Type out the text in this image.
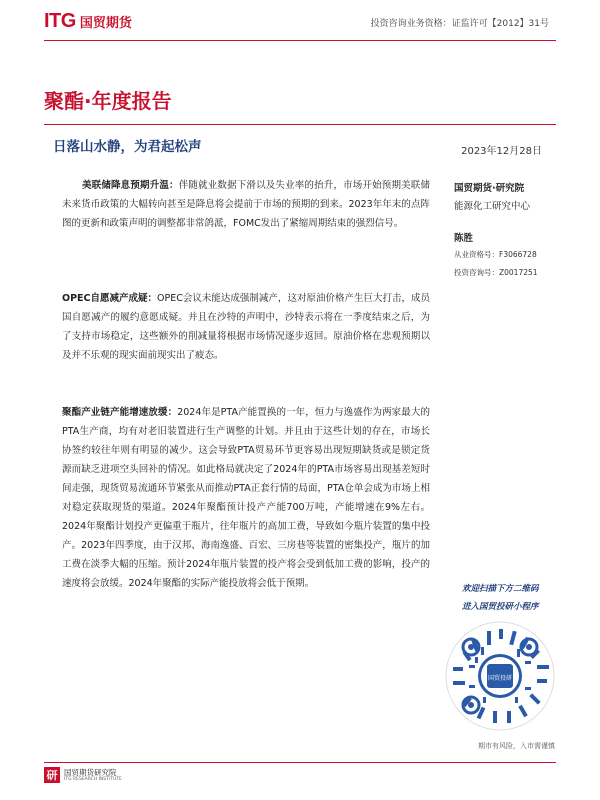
ITG 国贸期货	投资咨询业务资格：证监许可【2012】31号
聚酯·年度报告
日落山水静，为君起松声	2023年12月28日
美联储降息预期升温：伴随就业数据下滑以及失业率的抬升，市场开始预期美联储未来货币政策的大幅转向甚至是降息将会提前于市场的预期的到来。2023年年末的点阵图的更新和政策声明的调整都非常鸽派，FOMC发出了紧缩周期结束的强烈信号。
OPEC自愿减产成疑：OPEC会议未能达成强制减产，这对原油价格产生巨大打击，成员国自愿减产的履约意愿成疑。并且在沙特的声明中，沙特表示将在一季度结束之后，为了支持市场稳定，这些额外的削减量将根据市场情况逐步返回。原油价格在悲观预期以及并不乐观的现实面前现实出了疲态。
聚酯产业链产能增速放缓：2024年是PTA产能置换的一年，恒力与逸盛作为两家最大的PTA生产商，均有对老旧装置进行生产调整的计划。并且由于这些计划的存在，市场长协签约较往年则有明显的减少。这会导致PTA贸易环节更容易出现短期缺货或是锁定货源而缺乏进项空头回补的情况。如此格局就决定了2024年的PTA市场容易出现基差短时间走强，现货贸易流通环节紧张从而推动PTA正套行情的局面，PTA仓单会成为市场上相对稳定获取现货的渠道。2024年聚酯预计投产产能700万吨，产能增速在9%左右。2024年聚酯计划投产更偏重于瓶片，往年瓶片的高加工费，导致如今瓶片装置的集中投产。2023年四季度，由于汉邦、海南逸盛、百宏、三房巷等装置的密集投产，瓶片的加工费在淡季大幅的压缩。预计2024年瓶片装置的投产将会受到低加工费的影响，投产的速度将会放缓。2024年聚酯的实际产能投放将会低于预期。
国贸期货·研究院
能源化工研究中心
陈胜
从业资格号：F3066728
投资咨询号：Z0017251
欢迎扫描下方二维码
进入国贸投研小程序
国贸投研
期市有风险，入市需谨慎
研 国贸期货研究院
ITG RESEARCH INSTITUTE
